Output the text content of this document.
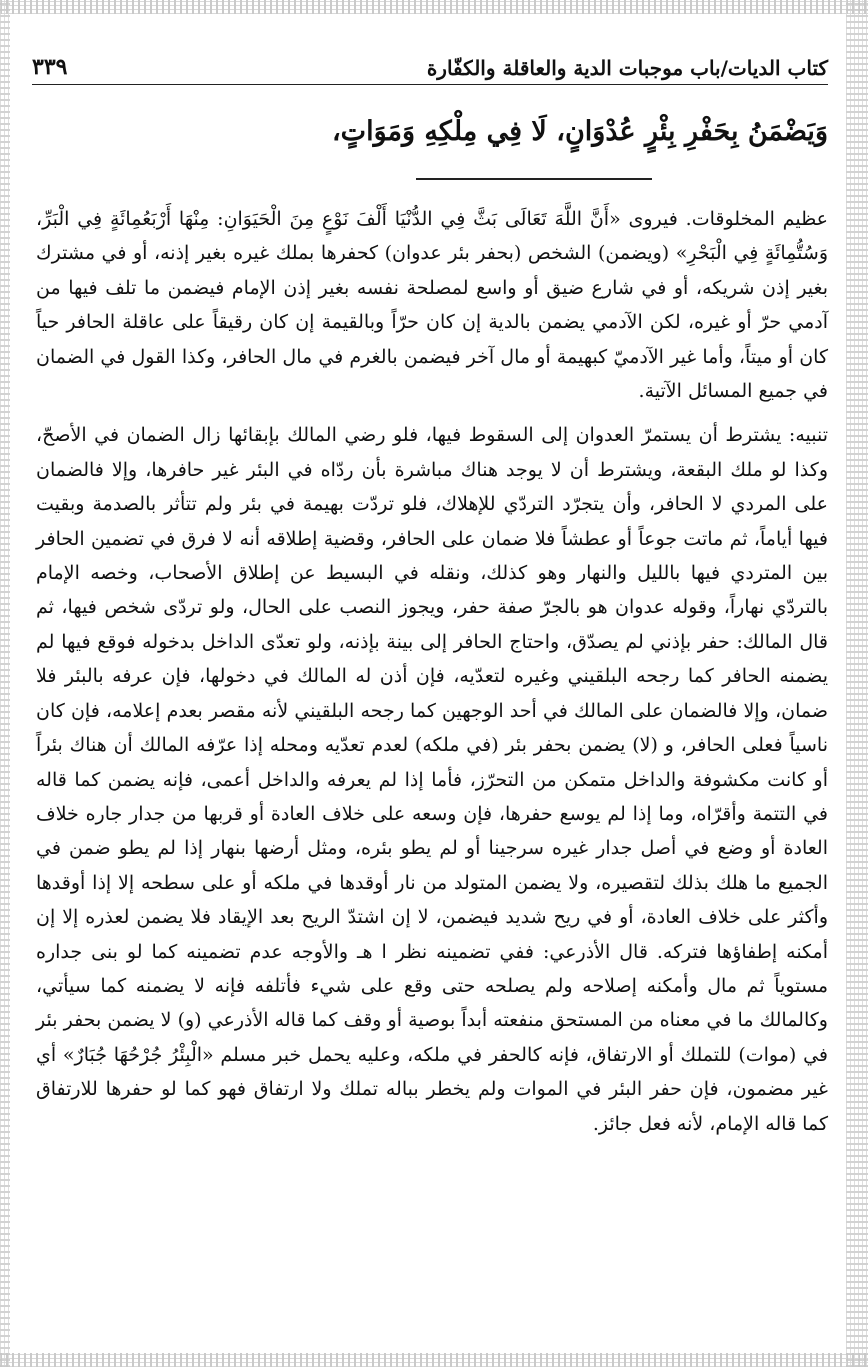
كتاب الديات/باب موجبات الدية والعاقلة والكفّارة
٣٣٩
وَيَضْمَنُ بِحَفْرِ بِئْرٍ عُدْوَانٍ، لَا فِي مِلْكِهِ وَمَوَاتٍ،

عظيم المخلوقات. فيروى «أَنَّ اللَّهَ تَعَالَى بَثَّ فِي الدُّنْيَا أَلْفَ نَوْعٍ مِنَ الْحَيَوَانِ: مِنْهَا أَرْبَعُمِائَةٍ فِي الْبَرِّ، وَسُتُّمِائَةٍ فِي الْبَحْرِ» (ويضمن) الشخص (بحفر بئر عدوان) كحفرها بملك غيره بغير إذنه، أو في مشترك بغير إذن شريكه، أو في شارع ضيق أو واسع لمصلحة نفسه بغير إذن الإمام فيضمن ما تلف فيها من آدمي حرّ أو غيره، لكن الآدمي يضمن بالدية إن كان حرّاً وبالقيمة إن كان رقيقاً على عاقلة الحافر حياً كان أو ميتاً، وأما غير الآدميّ كبهيمة أو مال آخر فيضمن بالغرم في مال الحافر، وكذا القول في الضمان في جميع المسائل الآتية.

تنبيه: يشترط أن يستمرّ العدوان إلى السقوط فيها، فلو رضي المالك بإبقائها زال الضمان في الأصحّ، وكذا لو ملك البقعة، ويشترط أن لا يوجد هناك مباشرة بأن ردّاه في البئر غير حافرها، وإلا فالضمان على المردي لا الحافر، وأن يتجرّد التردّي للإهلاك، فلو تردّت بهيمة في بئر ولم تتأثر بالصدمة وبقيت فيها أياماً، ثم ماتت جوعاً أو عطشاً فلا ضمان على الحافر، وقضية إطلاقه أنه لا فرق في تضمين الحافر بين المتردي فيها بالليل والنهار وهو كذلك، ونقله في البسيط عن إطلاق الأصحاب، وخصه الإمام بالتردّي نهاراً، وقوله عدوان هو بالجرّ صفة حفر، ويجوز النصب على الحال، ولو تردّى شخص فيها، ثم قال المالك: حفر بإذني لم يصدّق، واحتاج الحافر إلى بينة بإذنه، ولو تعدّى الداخل بدخوله فوقع فيها لم يضمنه الحافر كما رجحه البلقيني وغيره لتعدّيه، فإن أذن له المالك في دخولها، فإن عرفه بالبئر فلا ضمان، وإلا فالضمان على المالك في أحد الوجهين كما رجحه البلقيني لأنه مقصر بعدم إعلامه، فإن كان ناسياً فعلى الحافر، و (لا) يضمن بحفر بئر (في ملكه) لعدم تعدّيه ومحله إذا عرّفه المالك أن هناك بئراً أو كانت مكشوفة والداخل متمكن من التحرّز، فأما إذا لم يعرفه والداخل أعمى، فإنه يضمن كما قاله في التتمة وأقرّاه، وما إذا لم يوسع حفرها، فإن وسعه على خلاف العادة أو قربها من جدار جاره خلاف العادة أو وضع في أصل جدار غيره سرجينا أو لم يطو بئره، ومثل أرضها بنهار إذا لم يطو ضمن في الجميع ما هلك بذلك لتقصيره، ولا يضمن المتولد من نار أوقدها في ملكه أو على سطحه إلا إذا أوقدها وأكثر على خلاف العادة، أو في ريح شديد فيضمن، لا إن اشتدّ الريح بعد الإيقاد فلا يضمن لعذره إلا إن أمكنه إطفاؤها فتركه. قال الأذرعي: ففي تضمينه نظر ا هـ والأوجه عدم تضمينه كما لو بنى جداره مستوياً ثم مال وأمكنه إصلاحه ولم يصلحه حتى وقع على شيء فأتلفه فإنه لا يضمنه كما سيأتي، وكالمالك ما في معناه من المستحق منفعته أبداً بوصية أو وقف كما قاله الأذرعي (و) لا يضمن بحفر بئر في (موات) للتملك أو الارتفاق، فإنه كالحفر في ملكه، وعليه يحمل خبر مسلم «الْبِئْرُ جُرْحُهَا جُبَارٌ» أي غير مضمون، فإن حفر البئر في الموات ولم يخطر بباله تملك ولا ارتفاق فهو كما لو حفرها للارتفاق كما قاله الإمام، لأنه فعل جائز.
